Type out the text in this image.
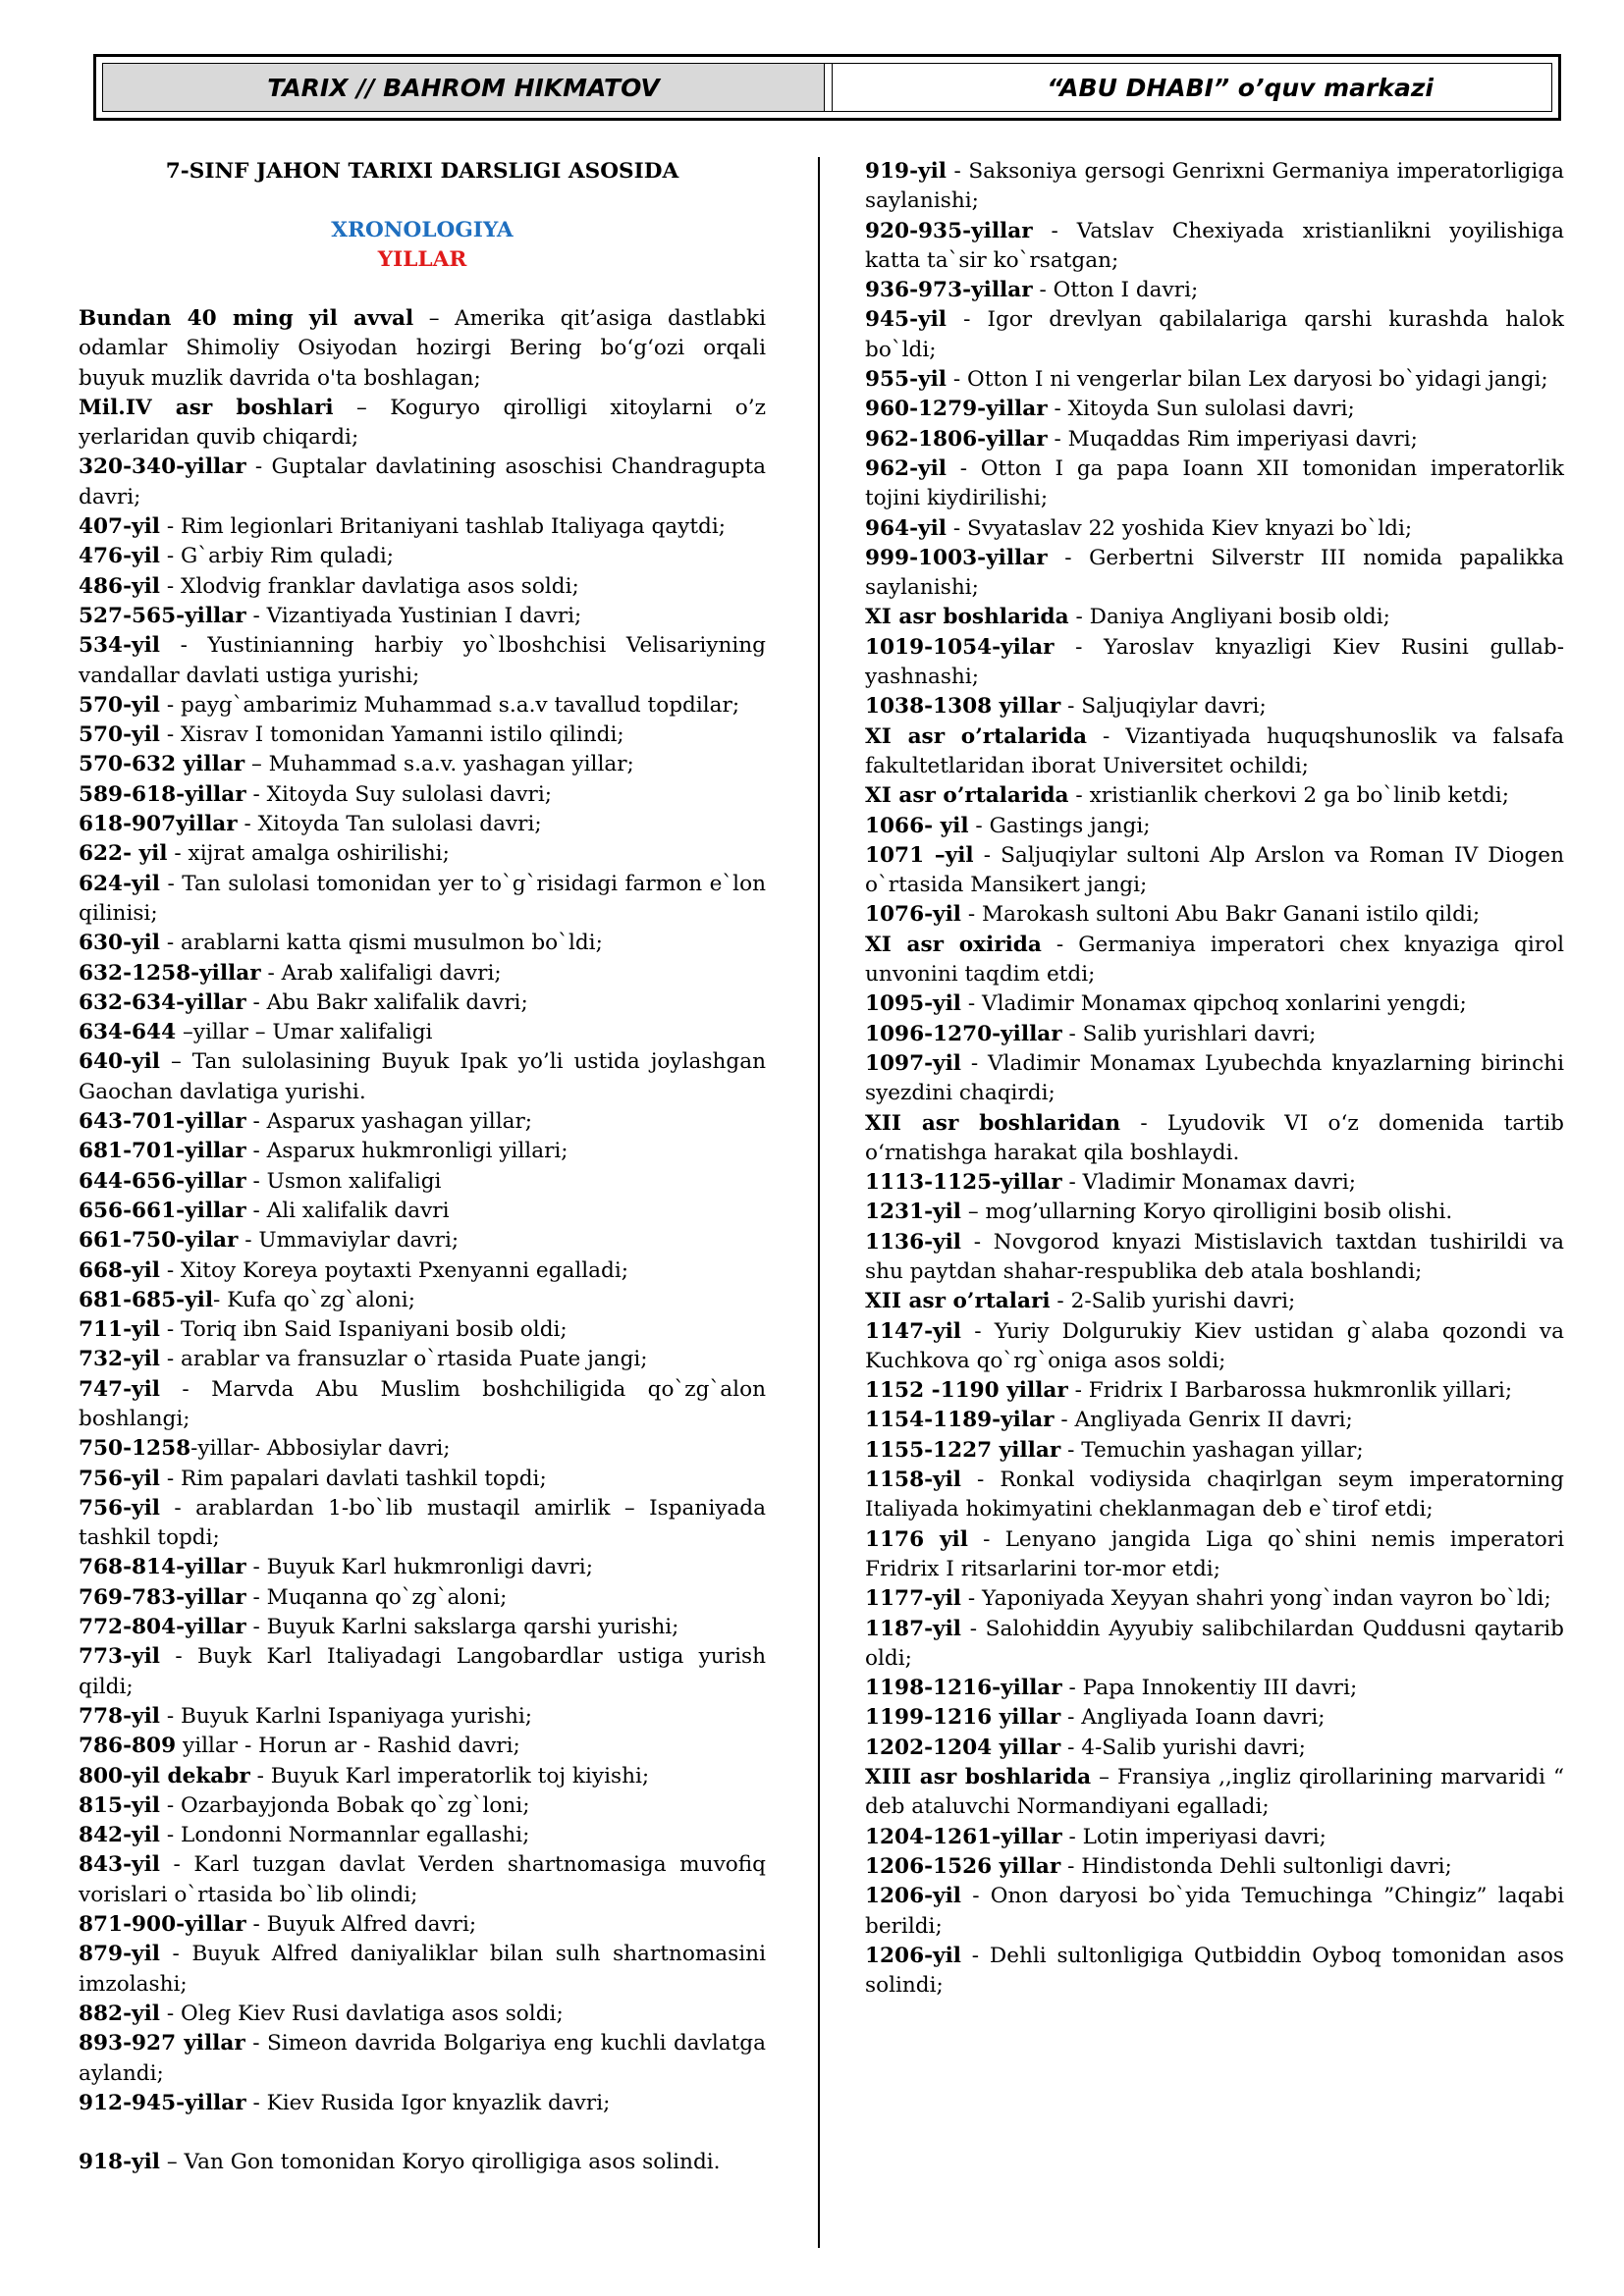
TARIX // BAHROM HIKMATOV	“ABU DHABI” o’quv markazi
7-SINF JAHON TARIXI DARSLIGI ASOSIDA
XRONOLOGIYA
YILLAR
Bundan 40 ming yil avval – Amerika qit’asiga dastlabki odamlar Shimoliy Osiyodan hozirgi Bering bo‘g‘ozi orqali buyuk muzlik davrida o'ta boshlagan;
Mil.IV asr boshlari – Koguryo qirolligi xitoylarni o’z yerlaridan quvib chiqardi;
320-340-yillar - Guptalar davlatining asoschisi Chandragupta davri;
407-yil - Rim legionlari Britaniyani tashlab Italiyaga qaytdi;
476-yil - G`arbiy Rim quladi;
486-yil - Xlodvig franklar davlatiga asos soldi;
527-565-yillar - Vizantiyada Yustinian I davri;
534-yil - Yustinianning harbiy yo`lboshchisi Velisariyning vandallar davlati ustiga yurishi;
570-yil - payg`ambarimiz Muhammad s.a.v tavallud topdilar;
570-yil - Xisrav I tomonidan Yamanni istilo qilindi;
570-632 yillar – Muhammad s.a.v. yashagan yillar;
589-618-yillar - Xitoyda Suy sulolasi davri;
618-907yillar - Xitoyda Tan sulolasi davri;
622- yil - xijrat amalga oshirilishi;
624-yil - Tan sulolasi tomonidan yer to`g`risidagi farmon e`lon qilinisi;
630-yil - arablarni katta qismi musulmon bo`ldi;
632-1258-yillar - Arab xalifaligi davri;
632-634-yillar - Abu Bakr xalifalik davri;
634-644 –yillar – Umar xalifaligi
640-yil – Tan sulolasining Buyuk Ipak yo’li ustida joylashgan Gaochan davlatiga yurishi.
643-701-yillar - Asparux yashagan yillar;
681-701-yillar - Asparux hukmronligi yillari;
644-656-yillar - Usmon xalifaligi
656-661-yillar - Ali xalifalik davri
661-750-yilar - Ummaviylar davri;
668-yil - Xitoy Koreya poytaxti Pxenyanni egalladi;
681-685-yil- Kufa qo`zg`aloni;
711-yil - Toriq ibn Said Ispaniyani bosib oldi;
732-yil - arablar va fransuzlar o`rtasida Puate jangi;
747-yil - Marvda Abu Muslim boshchiligida qo`zg`alon boshlangi;
750-1258-yillar- Abbosiylar davri;
756-yil - Rim papalari davlati tashkil topdi;
756-yil - arablardan 1-bo`lib mustaqil amirlik – Ispaniyada tashkil topdi;
768-814-yillar - Buyuk Karl hukmronligi davri;
769-783-yillar - Muqanna qo`zg`aloni;
772-804-yillar - Buyuk Karlni sakslarga qarshi yurishi;
773-yil - Buyk Karl Italiyadagi Langobardlar ustiga yurish qildi;
778-yil - Buyuk Karlni Ispaniyaga yurishi;
786-809 yillar - Horun ar - Rashid davri;
800-yil dekabr - Buyuk Karl imperatorlik toj kiyishi;
815-yil - Ozarbayjonda Bobak qo`zg`loni;
842-yil - Londonni Normannlar egallashi;
843-yil - Karl tuzgan davlat Verden shartnomasiga muvofiq vorislari o`rtasida bo`lib olindi;
871-900-yillar - Buyuk Alfred davri;
879-yil - Buyuk Alfred daniyaliklar bilan sulh shartnomasini imzolashi;
882-yil - Oleg Kiev Rusi davlatiga asos soldi;
893-927 yillar - Simeon davrida Bolgariya eng kuchli davlatga aylandi;
912-945-yillar - Kiev Rusida Igor knyazlik davri;
918-yil – Van Gon tomonidan Koryo qirolligiga asos solindi.
919-yil - Saksoniya gersogi Genrixni Germaniya imperatorligiga saylanishi;
920-935-yillar - Vatslav Chexiyada xristianlikni yoyilishiga katta ta`sir ko`rsatgan;
936-973-yillar - Otton I davri;
945-yil - Igor drevlyan qabilalariga qarshi kurashda halok bo`ldi;
955-yil - Otton I ni vengerlar bilan Lex daryosi bo`yidagi jangi;
960-1279-yillar - Xitoyda Sun sulolasi davri;
962-1806-yillar - Muqaddas Rim imperiyasi davri;
962-yil - Otton I ga papa Ioann XII tomonidan imperatorlik tojini kiydirilishi;
964-yil - Svyataslav 22 yoshida Kiev knyazi bo`ldi;
999-1003-yillar - Gerbertni Silverstr III nomida papalikka saylanishi;
XI asr boshlarida - Daniya Angliyani bosib oldi;
1019-1054-yilar - Yaroslav knyazligi Kiev Rusini gullab-yashnashi;
1038-1308 yillar - Saljuqiylar davri;
XI asr o’rtalarida - Vizantiyada huquqshunoslik va falsafa fakultetlaridan iborat Universitet ochildi;
XI asr o’rtalarida - xristianlik cherkovi 2 ga bo`linib ketdi;
1066- yil - Gastings jangi;
1071 –yil - Saljuqiylar sultoni Alp Arslon va Roman IV Diogen o`rtasida Mansikert jangi;
1076-yil - Marokash sultoni Abu Bakr Ganani istilo qildi;
XI asr oxirida - Germaniya imperatori chex knyaziga qirol unvonini taqdim etdi;
1095-yil - Vladimir Monamax qipchoq xonlarini yengdi;
1096-1270-yillar - Salib yurishlari davri;
1097-yil - Vladimir Monamax Lyubechda knyazlarning birinchi syezdini chaqirdi;
XII asr boshlaridan - Lyudovik VI o‘z domenida tartib o‘rnatishga harakat qila boshlaydi.
1113-1125-yillar - Vladimir Monamax davri;
1231-yil – mog’ullarning Koryo qirolligini bosib olishi.
1136-yil - Novgorod knyazi Mistislavich taxtdan tushirildi va shu paytdan shahar-respublika deb atala boshlandi;
XII asr o’rtalari - 2-Salib yurishi davri;
1147-yil - Yuriy Dolgurukiy Kiev ustidan g`alaba qozondi va Kuchkova qo`rg`oniga asos soldi;
1152 -1190 yillar - Fridrix I Barbarossa hukmronlik yillari;
1154-1189-yilar - Angliyada Genrix II davri;
1155-1227 yillar - Temuchin yashagan yillar;
1158-yil - Ronkal vodiysida chaqirlgan seym imperatorning Italiyada hokimyatini cheklanmagan deb e`tirof etdi;
1176 yil - Lenyano jangida Liga qo`shini nemis imperatori Fridrix I ritsarlarini tor-mor etdi;
1177-yil - Yaponiyada Xeyyan shahri yong`indan vayron bo`ldi;
1187-yil - Salohiddin Ayyubiy salibchilardan Quddusni qaytarib oldi;
1198-1216-yillar - Papa Innokentiy III davri;
1199-1216 yillar - Angliyada Ioann davri;
1202-1204 yillar - 4-Salib yurishi davri;
XIII asr boshlarida – Fransiya ,,ingliz qirollarining marvaridi “ deb ataluvchi Normandiyani egalladi;
1204-1261-yillar - Lotin imperiyasi davri;
1206-1526 yillar - Hindistonda Dehli sultonligi davri;
1206-yil - Onon daryosi bo`yida Temuchinga ”Chingiz” laqabi berildi;
1206-yil - Dehli sultonligiga Qutbiddin Oyboq tomonidan asos solindi;
